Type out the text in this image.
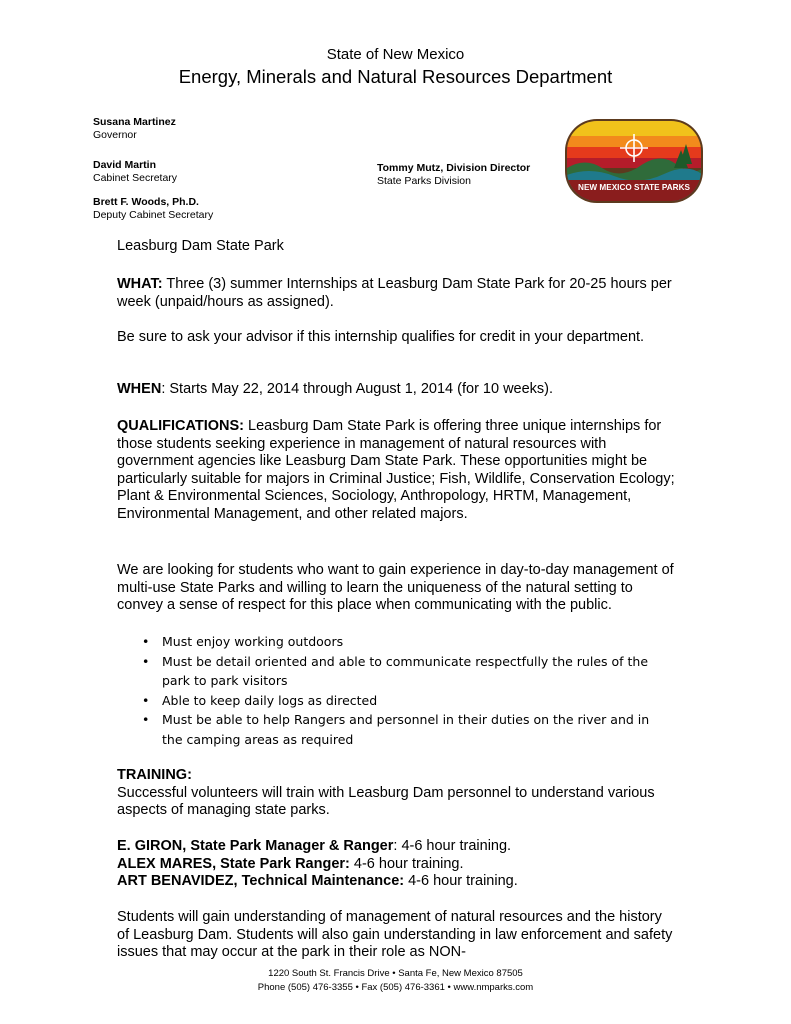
State of New Mexico
Energy, Minerals and Natural Resources Department
Susana Martinez
Governor
David Martin
Cabinet Secretary
Brett F. Woods, Ph.D.
Deputy Cabinet Secretary
Tommy Mutz, Division Director
State Parks Division
NEW MEXICO STATE PARKS
Leasburg Dam State Park

WHAT: Three (3) summer Internships at Leasburg Dam State Park for 20-25 hours per week (unpaid/hours as assigned).

Be sure to ask your advisor if this internship qualifies for credit in your department.

WHEN: Starts May 22, 2014 through August 1, 2014 (for 10 weeks).

QUALIFICATIONS: Leasburg Dam State Park is offering three unique internships for those students seeking experience in management of natural resources with government agencies like Leasburg Dam State Park. These opportunities might be particularly suitable for majors in Criminal Justice; Fish, Wildlife, Conservation Ecology; Plant & Environmental Sciences, Sociology, Anthropology, HRTM, Management, Environmental Management, and other related majors.

We are looking for students who want to gain experience in day-to-day management of multi-use State Parks and willing to learn the uniqueness of the natural setting to convey a sense of respect for this place when communicating with the public.

• Must enjoy working outdoors
• Must be detail oriented and able to communicate respectfully the rules of the park to park visitors
• Able to keep daily logs as directed
• Must be able to help Rangers and personnel in their duties on the river and in the camping areas as required

TRAINING:

Successful volunteers will train with Leasburg Dam personnel to understand various aspects of managing state parks.

E. GIRON, State Park Manager & Ranger: 4-6 hour training.

ALEX MARES, State Park Ranger: 4-6 hour training.

ART BENAVIDEZ, Technical Maintenance: 4-6 hour training.

Students will gain understanding of management of natural resources and the history of Leasburg Dam. Students will also gain understanding in law enforcement and safety issues that may occur at the park in their role as NON-

1220 South St. Francis Drive • Santa Fe, New Mexico 87505
Phone (505) 476-3355 • Fax (505) 476-3361 • www.nmparks.com
